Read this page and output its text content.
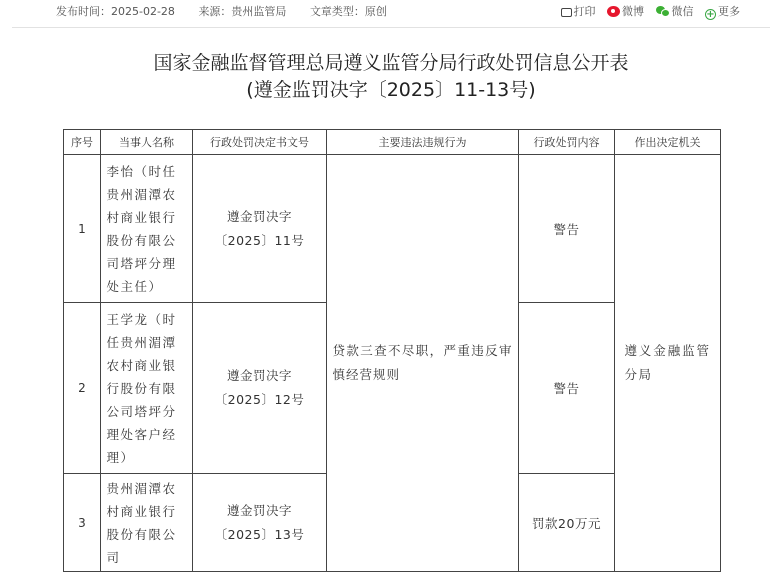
发布时间：2025-02-28 来源：贵州监管局 文章类型：原创	打印 微博	微信 + 更多
国家金融监督管理总局遵义监管分局行政处罚信息公开表
(遵金监罚决字〔2025〕11-13号)
序号	当事人名称	行政处罚决定书文号	主要违法违规行为	行政处罚内容	作出决定机关
1	李怡（时任贵州湄潭农村商业银行股份有限公司塔坪分理处主任）	遵金罚决字
〔2025〕11号	贷款三查不尽职，严重违反审慎经营规则	警告	遵义金融监管分局
2	王学龙（时任贵州湄潭农村商业银行股份有限公司塔坪分理处客户经理）	遵金罚决字
〔2025〕12号		警告	
3	贵州湄潭农村商业银行股份有限公司	遵金罚决字
〔2025〕13号		罚款20万元	
